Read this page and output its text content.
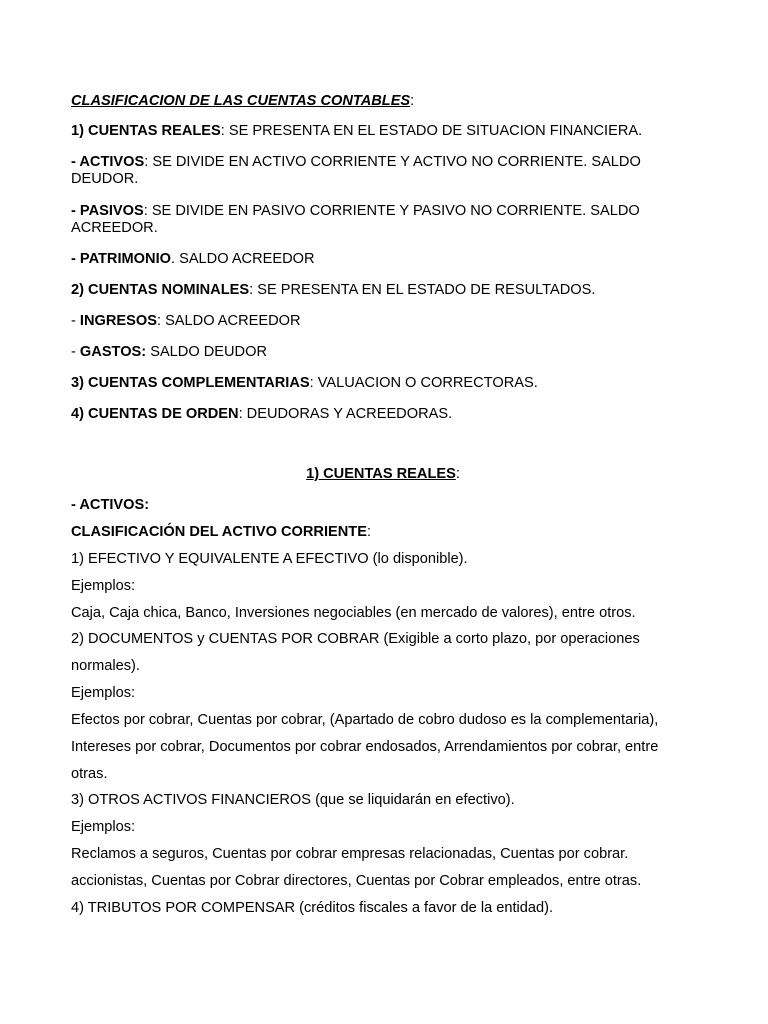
CLASIFICACION DE LAS CUENTAS CONTABLES:
1) CUENTAS REALES: SE PRESENTA EN EL ESTADO DE SITUACION FINANCIERA.
- ACTIVOS: SE DIVIDE EN ACTIVO CORRIENTE Y ACTIVO NO CORRIENTE. SALDO DEUDOR.
- PASIVOS: SE DIVIDE EN PASIVO CORRIENTE Y PASIVO NO CORRIENTE. SALDO ACREEDOR.
- PATRIMONIO. SALDO ACREEDOR
2) CUENTAS NOMINALES: SE PRESENTA EN EL ESTADO DE RESULTADOS.
- INGRESOS: SALDO ACREEDOR
- GASTOS: SALDO DEUDOR
3) CUENTAS COMPLEMENTARIAS: VALUACION O CORRECTORAS.
4) CUENTAS DE ORDEN: DEUDORAS Y ACREEDORAS.
1) CUENTAS REALES:
- ACTIVOS:
CLASIFICACIÓN DEL ACTIVO CORRIENTE:
1) EFECTIVO Y EQUIVALENTE A EFECTIVO (lo disponible).
Ejemplos:
Caja, Caja chica, Banco, Inversiones negociables (en mercado de valores), entre otros.
2) DOCUMENTOS y CUENTAS POR COBRAR (Exigible a corto plazo, por operaciones
normales).
Ejemplos:
Efectos por cobrar, Cuentas por cobrar, (Apartado de cobro dudoso es la complementaria),
Intereses por cobrar, Documentos por cobrar endosados, Arrendamientos por cobrar, entre
otras.
3) OTROS ACTIVOS FINANCIEROS (que se liquidarán en efectivo).
Ejemplos:
Reclamos a seguros, Cuentas por cobrar empresas relacionadas, Cuentas por cobrar.
accionistas, Cuentas por Cobrar directores, Cuentas por Cobrar empleados, entre otras.
4) TRIBUTOS POR COMPENSAR (créditos fiscales a favor de la entidad).
